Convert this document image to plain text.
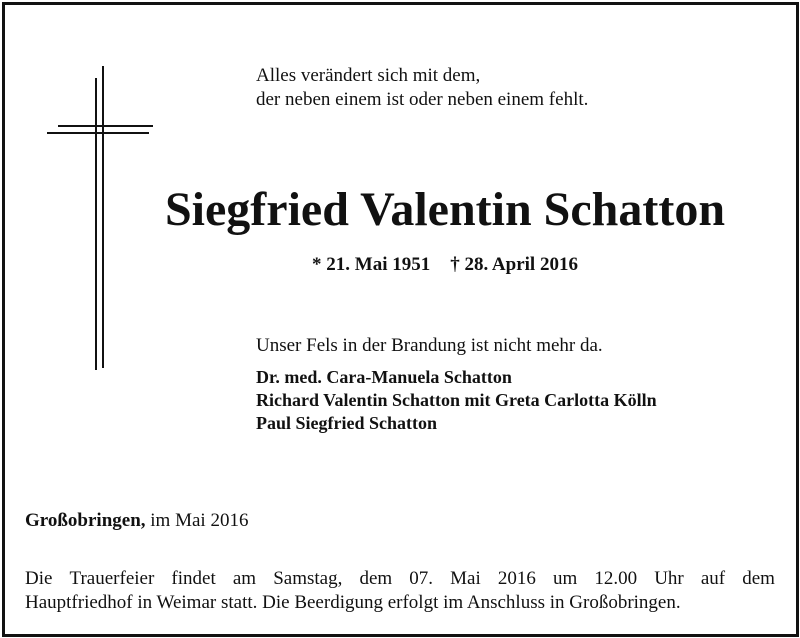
Alles verändert sich mit dem,
der neben einem ist oder neben einem fehlt.
Siegfried Valentin Schatton
* 21. Mai 1951 † 28. April 2016
Unser Fels in der Brandung ist nicht mehr da.
Dr. med. Cara-Manuela Schatton
Richard Valentin Schatton mit Greta Carlotta Kölln
Paul Siegfried Schatton
Großobringen, im Mai 2016
Die Trauerfeier findet am Samstag, dem 07. Mai 2016 um 12.00 Uhr auf dem
Hauptfriedhof in Weimar statt. Die Beerdigung erfolgt im Anschluss in Großobringen.
